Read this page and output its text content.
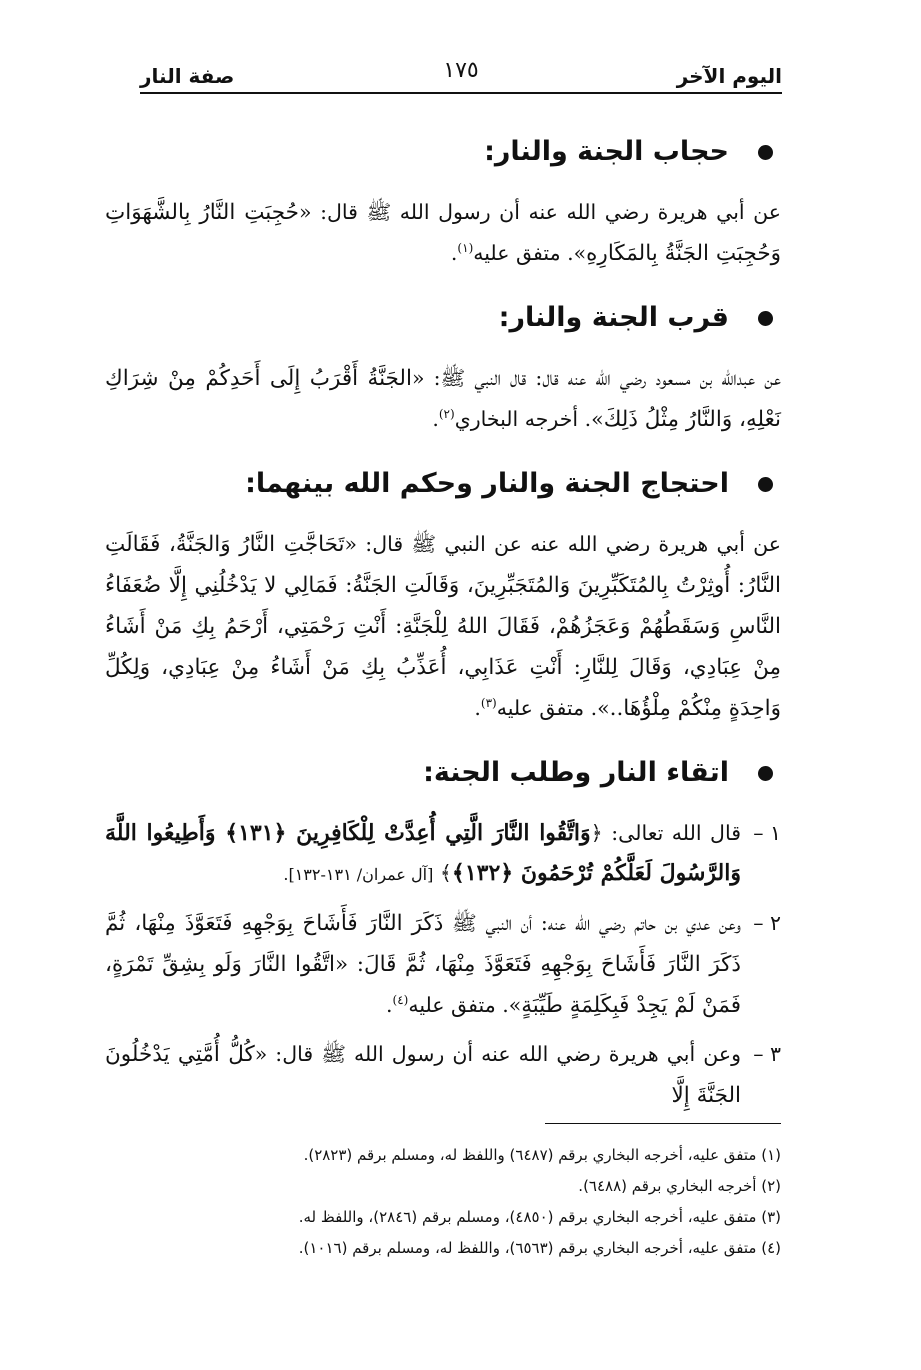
اليوم الآخر
١٧٥
صفة النار
حجاب الجنة والنار:

عن أبي هريرة رضي الله عنه أن رسول الله ﷺ قال: «حُجِبَتِ النَّارُ بِالشَّهَوَاتِ وَحُجِبَتِ الجَنَّةُ بِالمَكَارِهِ». متفق عليه$^{(١)}$.

قرب الجنة والنار:

عن عبدالله بن مسعود رضي الله عنه قال: قال النبي ﷺ: «الجَنَّةُ أَقْرَبُ إِلَى أَحَدِكُمْ مِنْ شِرَاكِ نَعْلِهِ، وَالنَّارُ مِثْلُ ذَلِكَ». أخرجه البخاري$^{(٢)}$.

احتجاج الجنة والنار وحكم الله بينهما:

عن أبي هريرة رضي الله عنه عن النبي ﷺ قال: «تَحَاجَّتِ النَّارُ وَالجَنَّةُ، فَقَالَتِ النَّارُ: أُوثِرْتُ بِالمُتَكَبِّرِينَ وَالمُتَجَبِّرِينَ، وَقَالَتِ الجَنَّةُ: فَمَالِي لا يَدْخُلُنِي إِلَّا ضُعَفَاءُ النَّاسِ وَسَقَطُهُمْ وَعَجَزُهُمْ، فَقَالَ اللهُ لِلْجَنَّةِ: أَنْتِ رَحْمَتِي، أَرْحَمُ بِكِ مَنْ أَشَاءُ مِنْ عِبَادِي، وَقَالَ لِلنَّارِ: أَنْتِ عَذَابِي، أُعَذِّبُ بِكِ مَنْ أَشَاءُ مِنْ عِبَادِي، وَلِكُلِّ وَاحِدَةٍ مِنْكُمْ مِلْؤُهَا..». متفق عليه$^{(٣)}$.

اتقاء النار وطلب الجنة:
١ –
قال الله تعالى: ﴿وَاتَّقُوا النَّارَ الَّتِي أُعِدَّتْ لِلْكَافِرِينَ ﴿١٣١﴾ وَأَطِيعُوا اللَّهَ وَالرَّسُولَ لَعَلَّكُمْ تُرْحَمُونَ ﴿١٣٢﴾﴾ [آل عمران/ ١٣١-١٣٢].
٢ –
وعن عدي بن حاتم رضي الله عنه: أن النبي ﷺ ذَكَرَ النَّارَ فَأَشَاحَ بِوَجْهِهِ فَتَعَوَّذَ مِنْهَا، ثُمَّ ذَكَرَ النَّارَ فَأَشَاحَ بِوَجْهِهِ فَتَعَوَّذَ مِنْهَا، ثُمَّ قَالَ: «اتَّقُوا النَّارَ وَلَو بِشِقِّ تَمْرَةٍ، فَمَنْ لَمْ يَجِدْ فَبِكَلِمَةٍ طَيِّبَةٍ». متفق عليه$^{(٤)}$.
٣ –
وعن أبي هريرة رضي الله عنه أن رسول الله ﷺ قال: «كُلُّ أُمَّتِي يَدْخُلُونَ الجَنَّةَ إِلَّا
(١) متفق عليه، أخرجه البخاري برقم (٦٤٨٧) واللفظ له، ومسلم برقم (٢٨٢٣).
(٢) أخرجه البخاري برقم (٦٤٨٨).
(٣) متفق عليه، أخرجه البخاري برقم (٤٨٥٠)، ومسلم برقم (٢٨٤٦)، واللفظ له.
(٤) متفق عليه، أخرجه البخاري برقم (٦٥٦٣)، واللفظ له، ومسلم برقم (١٠١٦).
